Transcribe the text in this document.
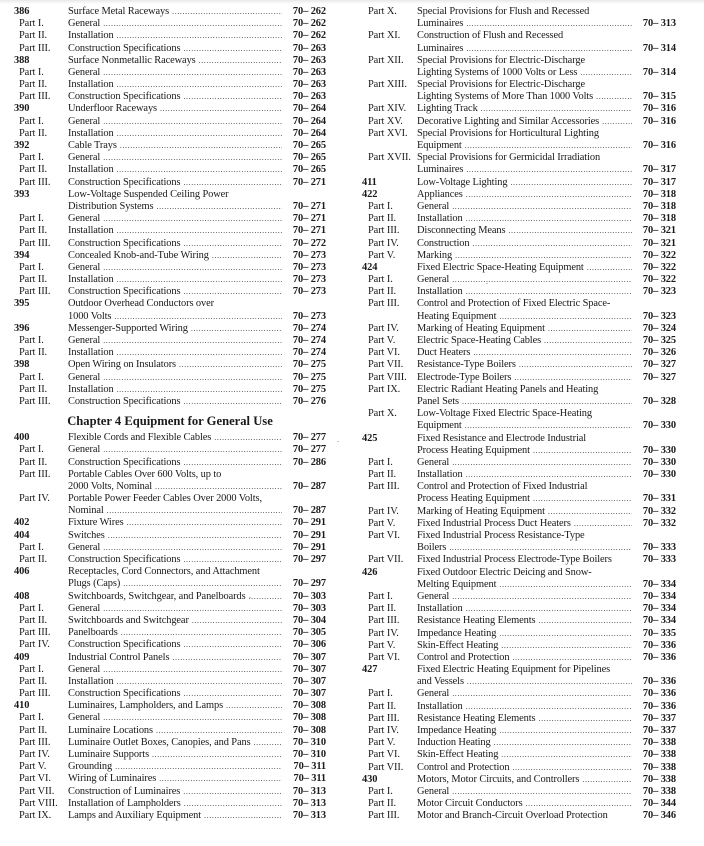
386	Surface Metal Raceways .....	70– 262
Part I.	General .....	70– 262
Part II.	Installation .....	70– 262
Part III.	Construction Specifications .....	70– 263
388	Surface Nonmetallic Raceways .....	70– 263
Part I.	General .....	70– 263
Part II.	Installation .....	70– 263
Part III.	Construction Specifications .....	70– 263
390	Underfloor Raceways .....	70– 264
Part I.	General .....	70– 264
Part II.	Installation .....	70– 264
392	Cable Trays .....	70– 265
Part I.	General .....	70– 265
Part II.	Installation .....	70– 265
Part III.	Construction Specifications .....	70– 271
393	Low-Voltage Suspended Ceiling Power
Distribution Systems .....	70– 271
Part I.	General .....	70– 271
Part II.	Installation .....	70– 271
Part III.	Construction Specifications .....	70– 272
394	Concealed Knob-and-Tube Wiring .....	70– 273
Part I.	General .....	70– 273
Part II.	Installation .....	70– 273
Part III.	Construction Specifications .....	70– 273
395	Outdoor Overhead Conductors over
1000 Volts .....	70– 273
396	Messenger-Supported Wiring .....	70– 274
Part I.	General .....	70– 274
Part II.	Installation .....	70– 274
398	Open Wiring on Insulators .....	70– 275
Part I.	General .....	70– 275
Part II.	Installation .....	70– 275
Part III.	Construction Specifications .....	70– 276
Chapter 4 Equipment for General Use
400	Flexible Cords and Flexible Cables .....	70– 277
Part I.	General .....	70– 277
Part II.	Construction Specifications .....	70– 286
Part III.	Portable Cables Over 600 Volts, up to
2000 Volts, Nominal .....	70– 287
Part IV.	Portable Power Feeder Cables Over 2000 Volts,
Nominal .....	70– 287
402	Fixture Wires .....	70– 291
404	Switches .....	70– 291
Part I.	General .....	70– 291
Part II.	Construction Specifications .....	70– 297
406	Receptacles, Cord Connectors, and Attachment
Plugs (Caps) .....	70– 297
408	Switchboards, Switchgear, and Panelboards .....	70– 303
Part I.	General .....	70– 303
Part II.	Switchboards and Switchgear .....	70– 304
Part III.	Panelboards .....	70– 305
Part IV.	Construction Specifications .....	70– 306
409	Industrial Control Panels .....	70– 307
Part I.	General .....	70– 307
Part II.	Installation .....	70– 307
Part III.	Construction Specifications .....	70– 307
410	Luminaires, Lampholders, and Lamps .....	70– 308
Part I.	General .....	70– 308
Part II.	Luminaire Locations .....	70– 308
Part III.	Luminaire Outlet Boxes, Canopies, and Pans .....	70– 310
Part IV.	Luminaire Supports .....	70– 310
Part V.	Grounding .....	70– 311
Part VI.	Wiring of Luminaires .....	70– 311
Part VII.	Construction of Luminaires .....	70– 313
Part VIII. Installation of Lampholders .....	70– 313
Part IX.	Lamps and Auxiliary Equipment .....	70– 313
Part X.	Special Provisions for Flush and Recessed
Luminaires .....	70– 313
Part XI.	Construction of Flush and Recessed
Luminaires .....	70– 314
Part XII.	Special Provisions for Electric-Discharge
Lighting Systems of 1000 Volts or Less .....	70– 314
Part XIII. Special Provisions for Electric-Discharge
Lighting Systems of More Than 1000 Volts .....	70– 315
Part XIV.	Lighting Track .....	70– 316
Part XV.	Decorative Lighting and Similar Accessories .....	70– 316
Part XVI. Special Provisions for Horticultural Lighting
Equipment .....	70– 316
Part XVII. Special Provisions for Germicidal Irradiation
Luminaires .....	70– 317
411	Low-Voltage Lighting .....	70– 317
422	Appliances .....	70– 318
Part I.	General .....	70– 318
Part II.	Installation .....	70– 318
Part III.	Disconnecting Means .....	70– 321
Part IV.	Construction .....	70– 321
Part V.	Marking .....	70– 322
424	Fixed Electric Space-Heating Equipment .....	70– 322
Part I.	General .....	70– 322
Part II.	Installation .....	70– 323
Part III.	Control and Protection of Fixed Electric Space-
Heating Equipment .....	70– 323
Part IV.	Marking of Heating Equipment .....	70– 324
Part V.	Electric Space-Heating Cables .....	70– 325
Part VI.	Duct Heaters .....	70– 326
Part VII.	Resistance-Type Boilers .....	70– 327
Part VIII. Electrode-Type Boilers .....	70– 327
Part IX.	Electric Radiant Heating Panels and Heating
Panel Sets .....	70– 328
Part X.	Low-Voltage Fixed Electric Space-Heating
Equipment .....	70– 330
425	Fixed Resistance and Electrode Industrial
Process Heating Equipment .....	70– 330
Part I.	General .....	70– 330
Part II.	Installation .....	70– 330
Part III.	Control and Protection of Fixed Industrial
Process Heating Equipment .....	70– 331
Part IV.	Marking of Heating Equipment .....	70– 332
Part V.	Fixed Industrial Process Duct Heaters .....	70– 332
Part VI.	Fixed Industrial Process Resistance-Type
Boilers .....	70– 333
Part VII.	Fixed Industrial Process Electrode-Type Boilers	70– 333
426	Fixed Outdoor Electric Deicing and Snow-
Melting Equipment .....	70– 334
Part I.	General .....	70– 334
Part II.	Installation .....	70– 334
Part III.	Resistance Heating Elements .....	70– 334
Part IV.	Impedance Heating .....	70– 335
Part V.	Skin-Effect Heating .....	70– 336
Part VI.	Control and Protection .....	70– 336
427	Fixed Electric Heating Equipment for Pipelines
and Vessels .....	70– 336
Part I.	General .....	70– 336
Part II.	Installation .....	70– 336
Part III.	Resistance Heating Elements .....	70– 337
Part IV.	Impedance Heating .....	70– 337
Part V.	Induction Heating .....	70– 338
Part VI.	Skin-Effect Heating .....	70– 338
Part VII.	Control and Protection .....	70– 338
430	Motors, Motor Circuits, and Controllers .....	70– 338
Part I.	General .....	70– 338
Part II.	Motor Circuit Conductors .....	70– 344
Part III.	Motor and Branch-Circuit Overload Protection	70– 346
